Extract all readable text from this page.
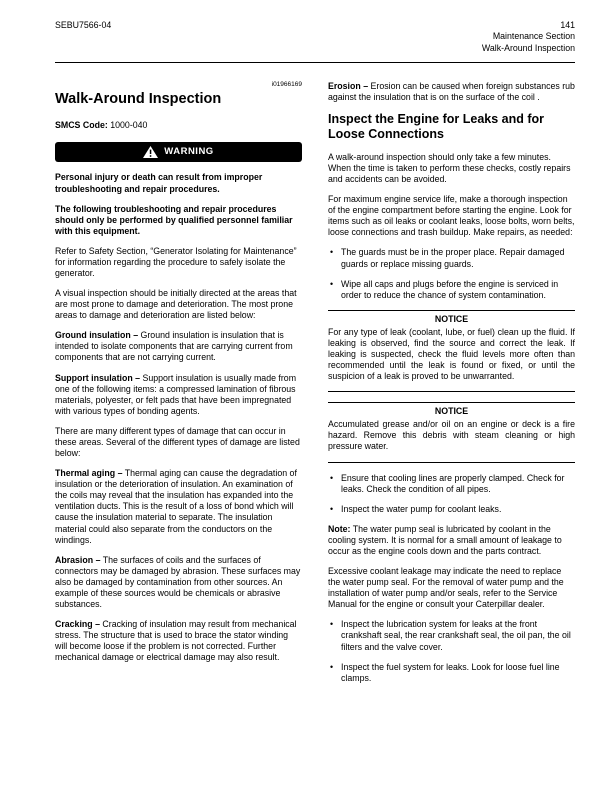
SEBU7566-04	141
Maintenance Section
Walk-Around Inspection
i01966169
Walk-Around Inspection

SMCS Code: 1000-040

WARNING

Personal injury or death can result from improper troubleshooting and repair procedures.

The following troubleshooting and repair procedures should only be performed by qualified personnel familiar with this equipment.

Refer to Safety Section, “Generator Isolating for Maintenance” for information regarding the procedure to safely isolate the generator.

A visual inspection should be initially directed at the areas that are most prone to damage and deterioration. The most prone areas to damage and deterioration are listed below:

Ground insulation – Ground insulation is insulation that is intended to isolate components that are carrying current from components that are not carrying current.

Support insulation – Support insulation is usually made from one of the following items: a compressed lamination of fibrous materials, polyester, or felt pads that have been impregnated with various types of bonding agents.

There are many different types of damage that can occur in these areas. Several of the different types of damage are listed below:

Thermal aging – Thermal aging can cause the degradation of insulation or the deterioration of insulation. An examination of the coils may reveal that the insulation has expanded into the ventilation ducts. This is the result of a loss of bond which will cause the insulation material to separate. The insulation material could also separate from the conductors on the windings.

Abrasion – The surfaces of coils and the surfaces of connectors may be damaged by abrasion. These surfaces may also be damaged by contamination from other sources. An example of these sources would be chemicals or abrasive substances.

Cracking – Cracking of insulation may result from mechanical stress. The structure that is used to brace the stator winding will become loose if the problem is not corrected. Further mechanical damage or electrical damage may also result.

Erosion – Erosion can be caused when foreign substances rub against the insulation that is on the surface of the coil .

Inspect the Engine for Leaks and for Loose Connections

A walk-around inspection should only take a few minutes. When the time is taken to perform these checks, costly repairs and accidents can be avoided.

For maximum engine service life, make a thorough inspection of the engine compartment before starting the engine. Look for items such as oil leaks or coolant leaks, loose bolts, worn belts, loose connections and trash buildup. Make repairs, as needed:

• The guards must be in the proper place. Repair damaged guards or replace missing guards.
• Wipe all caps and plugs before the engine is serviced in order to reduce the chance of system contamination.
NOTICE
For any type of leak (coolant, lube, or fuel) clean up the fluid. If leaking is observed, find the source and correct the leak. If leaking is suspected, check the fluid levels more often than recommended until the leak is found or fixed, or until the suspicion of a leak is proved to be unwarranted.
NOTICE
Accumulated grease and/or oil on an engine or deck is a fire hazard. Remove this debris with steam cleaning or high pressure water.
• Ensure that cooling lines are properly clamped. Check for leaks. Check the condition of all pipes.
• Inspect the water pump for coolant leaks.

Note: The water pump seal is lubricated by coolant in the cooling system. It is normal for a small amount of leakage to occur as the engine cools down and the parts contract.

Excessive coolant leakage may indicate the need to replace the water pump seal. For the removal of water pump and the installation of water pump and/or seals, refer to the Service Manual for the engine or consult your Caterpillar dealer.

• Inspect the lubrication system for leaks at the front crankshaft seal, the rear crankshaft seal, the oil pan, the oil filters and the valve cover.
• Inspect the fuel system for leaks. Look for loose fuel line clamps.
